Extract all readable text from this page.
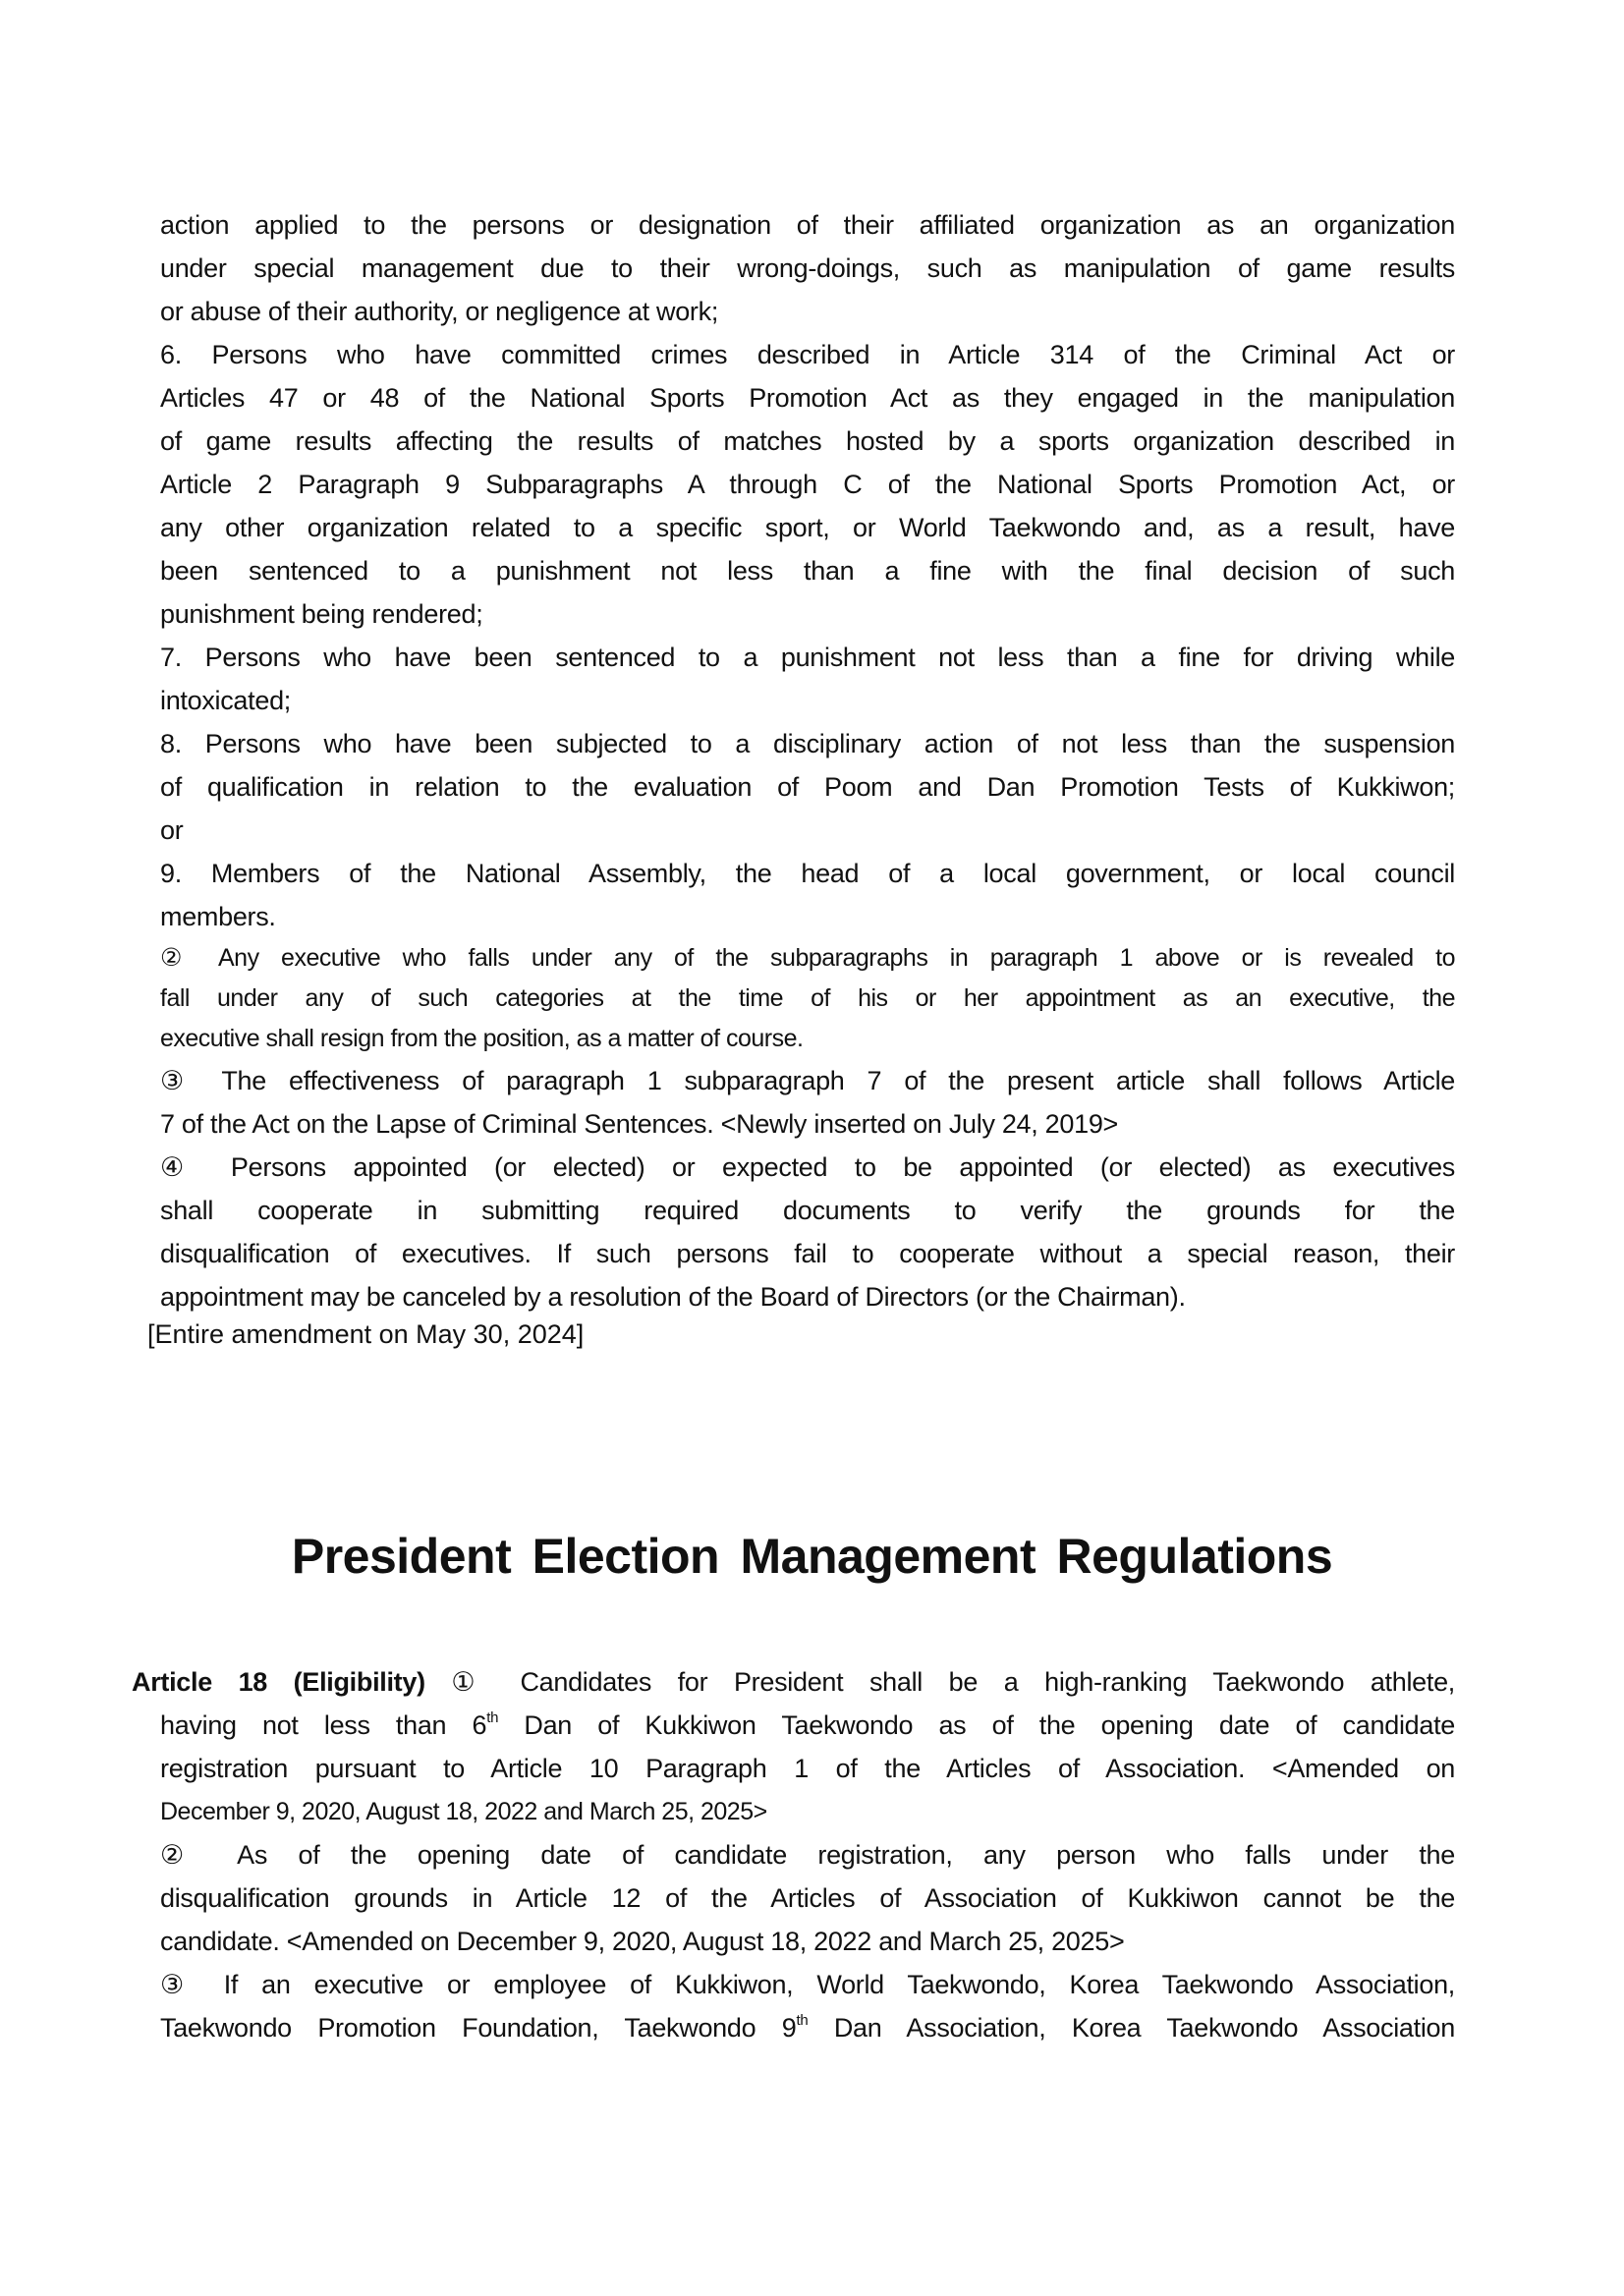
action applied to the persons or designation of their affiliated organization as an organization
under special management due to their wrong-doings, such as manipulation of game results
or abuse of their authority, or negligence at work;
6. Persons who have committed crimes described in Article 314 of the Criminal Act or
Articles 47 or 48 of the National Sports Promotion Act as they engaged in the manipulation
of game results affecting the results of matches hosted by a sports organization described in
Article 2 Paragraph 9 Subparagraphs A through C of the National Sports Promotion Act, or
any other organization related to a specific sport, or World Taekwondo and, as a result, have
been sentenced to a punishment not less than a fine with the final decision of such
punishment being rendered;
7. Persons who have been sentenced to a punishment not less than a fine for driving while
intoxicated;
8. Persons who have been subjected to a disciplinary action of not less than the suspension
of qualification in relation to the evaluation of Poom and Dan Promotion Tests of Kukkiwon;
or
9. Members of the National Assembly, the head of a local government, or local council
members.
② Any executive who falls under any of the subparagraphs in paragraph 1 above or is revealed to
fall under any of such categories at the time of his or her appointment as an executive, the
executive shall resign from the position, as a matter of course.
③ The effectiveness of paragraph 1 subparagraph 7 of the present article shall follows Article
7 of the Act on the Lapse of Criminal Sentences. <Newly inserted on July 24, 2019>
④ Persons appointed (or elected) or expected to be appointed (or elected) as executives
shall cooperate in submitting required documents to verify the grounds for the
disqualification of executives. If such persons fail to cooperate without a special reason, their
appointment may be canceled by a resolution of the Board of Directors (or the Chairman).
[Entire amendment on May 30, 2024]
President Election Management Regulations
Article 18 (Eligibility) ① Candidates for President shall be a high-ranking Taekwondo athlete,
having not less than 6th Dan of Kukkiwon Taekwondo as of the opening date of candidate
registration pursuant to Article 10 Paragraph 1 of the Articles of Association. <Amended on
December 9, 2020, August 18, 2022 and March 25, 2025>
② As of the opening date of candidate registration, any person who falls under the
disqualification grounds in Article 12 of the Articles of Association of Kukkiwon cannot be the
candidate. <Amended on December 9, 2020, August 18, 2022 and March 25, 2025>
③ If an executive or employee of Kukkiwon, World Taekwondo, Korea Taekwondo Association,
Taekwondo Promotion Foundation, Taekwondo 9th Dan Association, Korea Taekwondo Association
